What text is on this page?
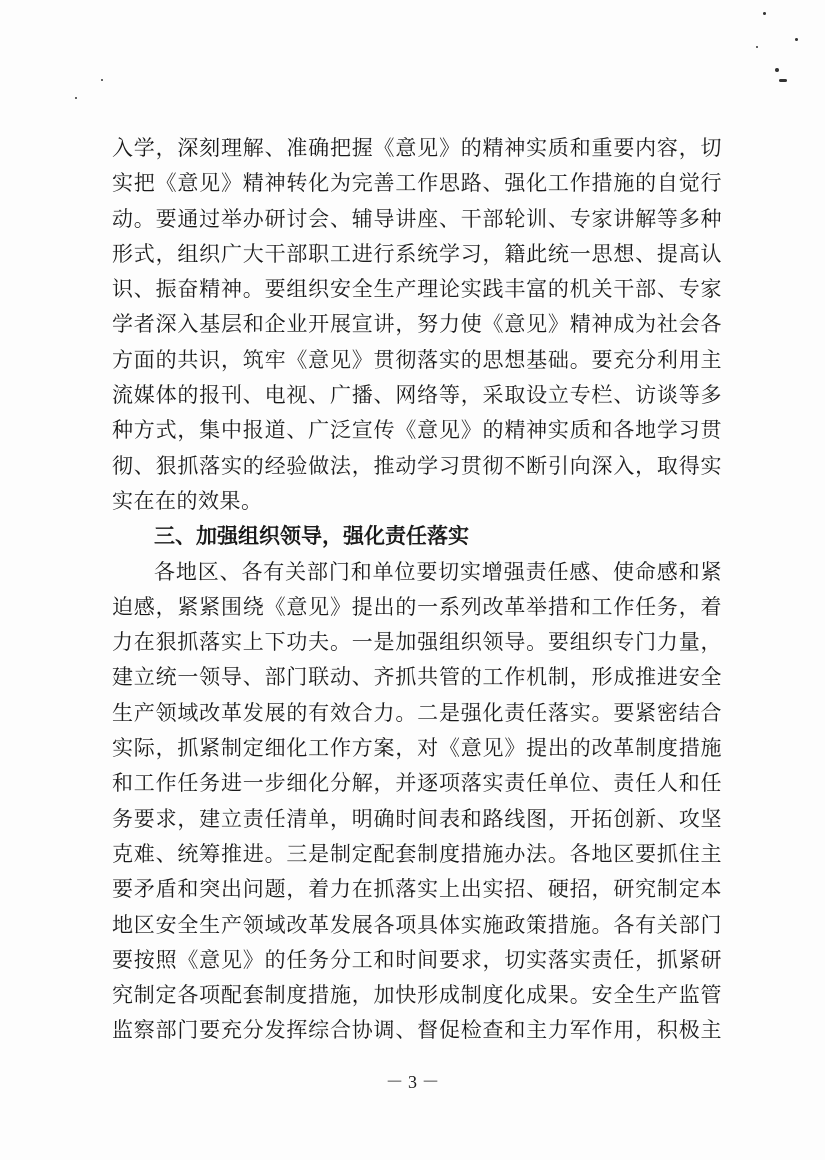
入学，深刻理解、准确把握《意见》的精神实质和重要内容，切
实把《意见》精神转化为完善工作思路、强化工作措施的自觉行
动。要通过举办研讨会、辅导讲座、干部轮训、专家讲解等多种
形式，组织广大干部职工进行系统学习，籍此统一思想、提高认
识、振奋精神。要组织安全生产理论实践丰富的机关干部、专家
学者深入基层和企业开展宣讲，努力使《意见》精神成为社会各
方面的共识，筑牢《意见》贯彻落实的思想基础。要充分利用主
流媒体的报刊、电视、广播、网络等，采取设立专栏、访谈等多
种方式，集中报道、广泛宣传《意见》的精神实质和各地学习贯
彻、狠抓落实的经验做法，推动学习贯彻不断引向深入，取得实
实在在的效果。
三、加强组织领导，强化责任落实
各地区、各有关部门和单位要切实增强责任感、使命感和紧
迫感，紧紧围绕《意见》提出的一系列改革举措和工作任务，着
力在狠抓落实上下功夫。一是加强组织领导。要组织专门力量，
建立统一领导、部门联动、齐抓共管的工作机制，形成推进安全
生产领域改革发展的有效合力。二是强化责任落实。要紧密结合
实际，抓紧制定细化工作方案，对《意见》提出的改革制度措施
和工作任务进一步细化分解，并逐项落实责任单位、责任人和任
务要求，建立责任清单，明确时间表和路线图，开拓创新、攻坚
克难、统筹推进。三是制定配套制度措施办法。各地区要抓住主
要矛盾和突出问题，着力在抓落实上出实招、硬招，研究制定本
地区安全生产领域改革发展各项具体实施政策措施。各有关部门
要按照《意见》的任务分工和时间要求，切实落实责任，抓紧研
究制定各项配套制度措施，加快形成制度化成果。安全生产监管
监察部门要充分发挥综合协调、督促检查和主力军作用，积极主
－ 3 －
